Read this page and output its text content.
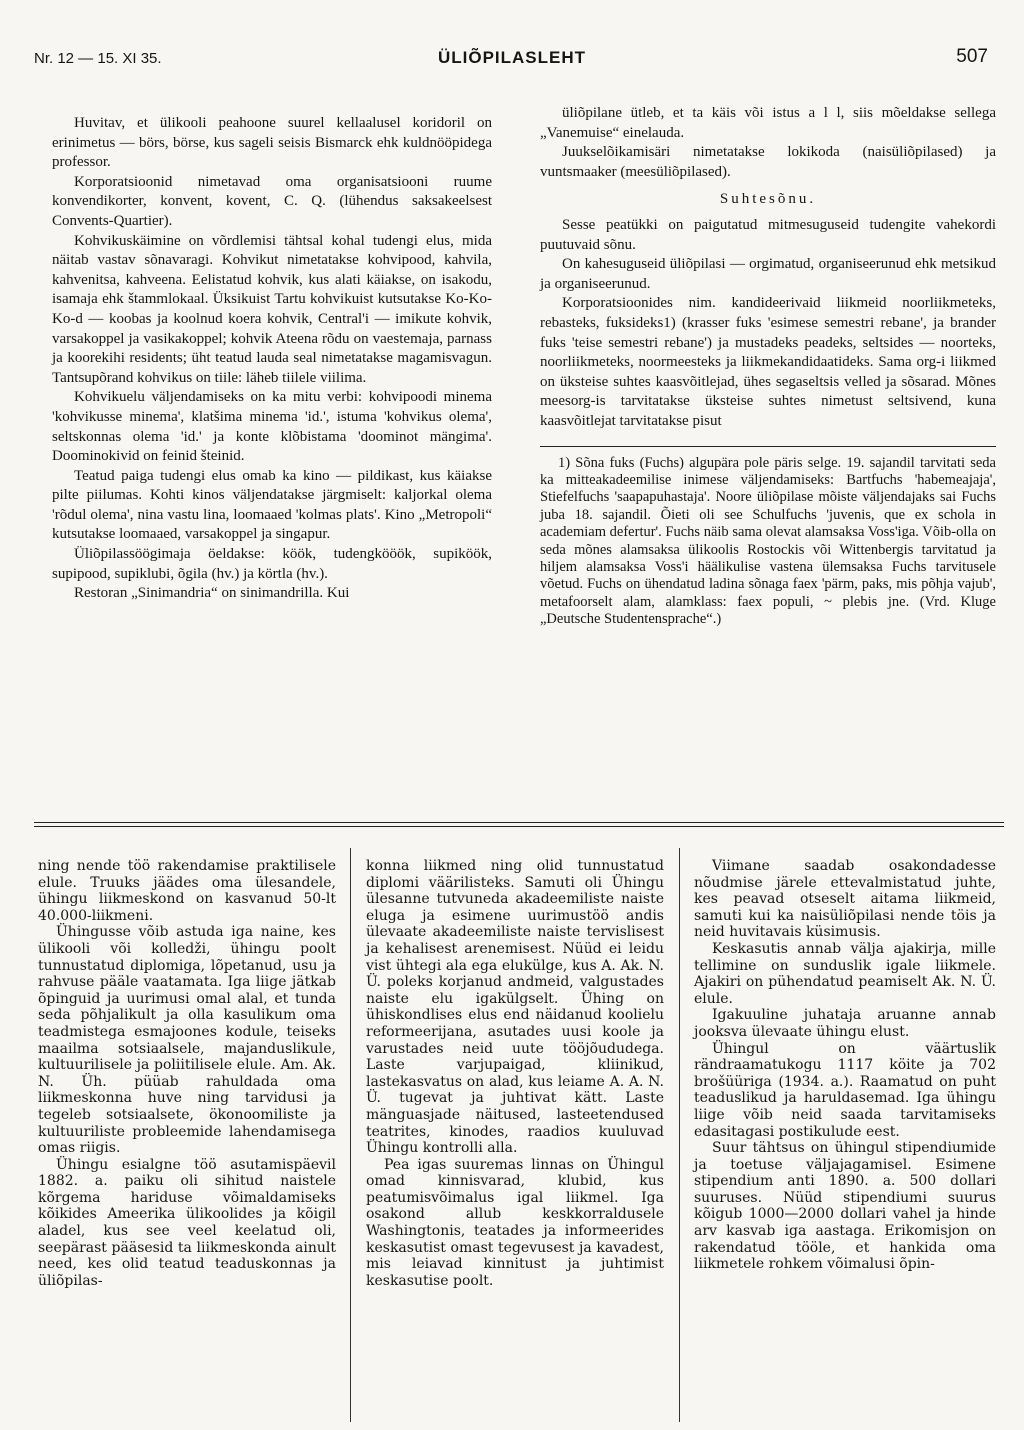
Nr. 12 — 15. XI 35.	ÜLIÕPILASLEHT	507

Huvitav, et ülikooli peahoone suurel kellaalusel koridoril on erinimetus — börs, börse, kus sageli seisis Bismarck ehk kuldnööpidega professor.

Korporatsioonid nimetavad oma organisatsiooni ruume konvendikorter, konvent, kovent, C. Q. (lühendus saksakeelsest Convents-Quartier).

Kohvikuskäimine on võrdlemisi tähtsal kohal tudengi elus, mida näitab vastav sõnavaragi. Kohvikut nimetatakse kohvipood, kahvila, kahvenitsa, kahveena. Eelistatud kohvik, kus alati käiakse, on isakodu, isamaja ehk štammlokaal. Üksikuist Tartu kohvikuist kutsutakse Ko-Ko-Ko-d — koobas ja koolnud koera kohvik, Central'i — imikute kohvik, varsakoppel ja vasikakoppel; kohvik Ateena rõdu on vaestemaja, parnass ja koorekihi residents; üht teatud lauda seal nimetatakse magamisvagun. Tantsupõrand kohvikus on tiile: läheb tiilele viilima.

Kohvikuelu väljendamiseks on ka mitu verbi: kohvipoodi minema 'kohvikusse minema', klatšima minema 'id.', istuma 'kohvikus olema', seltskonnas olema 'id.' ja konte klõbistama 'doominot mängima'. Doominokivid on feinid šteinid.

Teatud paiga tudengi elus omab ka kino — pildikast, kus käiakse pilte piilumas. Kohti kinos väljendatakse järgmiselt: kaljorkal olema 'rõdul olema', nina vastu lina, loomaaed 'kolmas plats'. Kino „Metropoli“ kutsutakse loomaaed, varsakoppel ja singapur.

Üliõpilassöögimaja öeldakse: köök, tudengkööök, supiköök, supipood, supiklubi, õgila (hv.) ja körtla (hv.).

Restoran „Sinimandria“ on sinimandrilla. Kui

üliõpilane ütleb, et ta käis või istus a l l, siis mõeldakse sellega „Vanemuise“ einelauda.

Juukselõikamisäri nimetatakse lokikoda (naisüliõpilased) ja vuntsmaaker (meesüliõpilased).

Suhtesõnu.

Sesse peatükki on paigutatud mitmesuguseid tudengite vahekordi puutuvaid sõnu.

On kahesuguseid üliõpilasi — orgimatud, organiseerunud ehk metsikud ja organiseerunud.

Korporatsioonides nim. kandideerivaid liikmeid noorliikmeteks, rebasteks, fuksideks1) (krasser fuks 'esimese semestri rebane', ja brander fuks 'teise semestri rebane') ja mustadeks peadeks, seltsides — noorteks, noorliikmeteks, noormeesteks ja liikmekandidaatideks. Sama org-i liikmed on üksteise suhtes kaasvõitlejad, ühes segaseltsis velled ja sõsarad. Mõnes meesorg-is tarvitatakse üksteise suhtes nimetust seltsivend, kuna kaasvõitlejat tarvitatakse pisut

1) Sõna fuks (Fuchs) algupära pole päris selge. 19. sajandil tarvitati seda ka mitteakadeemilise inimese väljendamiseks: Bartfuchs 'habemeajaja', Stiefelfuchs 'saapapuhastaja'. Noore üliõpilase mõiste väljendajaks sai Fuchs juba 18. sajandil. Õieti oli see Schulfuchs 'juvenis, que ex schola in academiam defertur'. Fuchs näib sama olevat alamsaksa Voss'iga. Võib-olla on seda mõnes alamsaksa ülikoolis Rostockis või Wittenbergis tarvitatud ja hiljem alamsaksa Voss'i häälikulise vastena ülemsaksa Fuchs tarvitusele võetud. Fuchs on ühendatud ladina sõnaga faex 'pärm, paks, mis põhja vajub', metafoorselt alam, alamklass: faex populi, ~ plebis jne. (Vrd. Kluge „Deutsche Studentensprache“.)

ning nende töö rakendamise praktilisele elule. Truuks jäädes oma ülesandele, ühingu liikmeskond on kasvanud 50-lt 40.000-liikmeni.

Ühingusse võib astuda iga naine, kes ülikooli või kolledži, ühingu poolt tunnustatud diplomiga, lõpetanud, usu ja rahvuse pääle vaatamata. Iga liige jätkab õpinguid ja uurimusi omal alal, et tunda seda põhjalikult ja olla kasulikum oma teadmistega esmajoones kodule, teiseks maailma sotsiaalsele, majanduslikule, kultuurilisele ja poliitilisele elule. Am. Ak. N. Üh. püüab rahuldada oma liikmeskonna huve ning tarvidusi ja tegeleb sotsiaalsete, ökonoomiliste ja kultuuriliste probleemide lahendamisega omas riigis.

Ühingu esialgne töö asutamispäevil 1882. a. paiku oli sihitud naistele kõrgema hariduse võimaldamiseks kõikides Ameerika ülikoolides ja kõigil aladel, kus see veel keelatud oli, seepärast pääsesid ta liikmeskonda ainult need, kes olid teatud teaduskonnas ja üliõpilas-

konna liikmed ning olid tunnustatud diplomi väärilisteks. Samuti oli Ühingu ülesanne tutvuneda akadeemiliste naiste eluga ja esimene uurimustöö andis ülevaate akadeemiliste naiste tervislisest ja kehalisest arenemisest. Nüüd ei leidu vist ühtegi ala ega elukülge, kus A. Ak. N. Ü. poleks korjanud andmeid, valgustades naiste elu igakülgselt. Ühing on ühiskondlises elus end näidanud koolielu reformeerijana, asutades uusi koole ja varustades neid uute tööjõududega. Laste varjupaigad, kliinikud, lastekasvatus on alad, kus leiame A. A. N. Ü. tugevat ja juhtivat kätt. Laste mänguasjade näitused, lasteetendused teatrites, kinodes, raadios kuuluvad Ühingu kontrolli alla.

Pea igas suuremas linnas on Ühingul omad kinnisvarad, klubid, kus peatumisvõimalus igal liikmel. Iga osakond allub keskkorraldusele Washingtonis, teatades ja informeerides keskasutist omast tegevusest ja kavadest, mis leiavad kinnitust ja juhtimist keskasutise poolt.

Viimane saadab osakondadesse nõudmise järele ettevalmistatud juhte, kes peavad otseselt aitama liikmeid, samuti kui ka naisüliõpilasi nende töis ja neid huvitavais küsimusis.

Keskasutis annab välja ajakirja, mille tellimine on sunduslik igale liikmele. Ajakiri on pühendatud peamiselt Ak. N. Ü. elule.

Igakuuline juhataja aruanne annab jooksva ülevaate ühingu elust.

Ühingul on väärtuslik rändraamatukogu 1117 köite ja 702 brošüüriga (1934. a.). Raamatud on puht teaduslikud ja haruldasemad. Iga ühingu liige võib neid saada tarvitamiseks edasitagasi postikulude eest.

Suur tähtsus on ühingul stipendiumide ja toetuse väljajagamisel. Esimene stipendium anti 1890. a. 500 dollari suuruses. Nüüd stipendiumi suurus kõigub 1000—2000 dollari vahel ja hinde arv kasvab iga aastaga. Erikomisjon on rakendatud tööle, et hankida oma liikmetele rohkem võimalusi õpin-
